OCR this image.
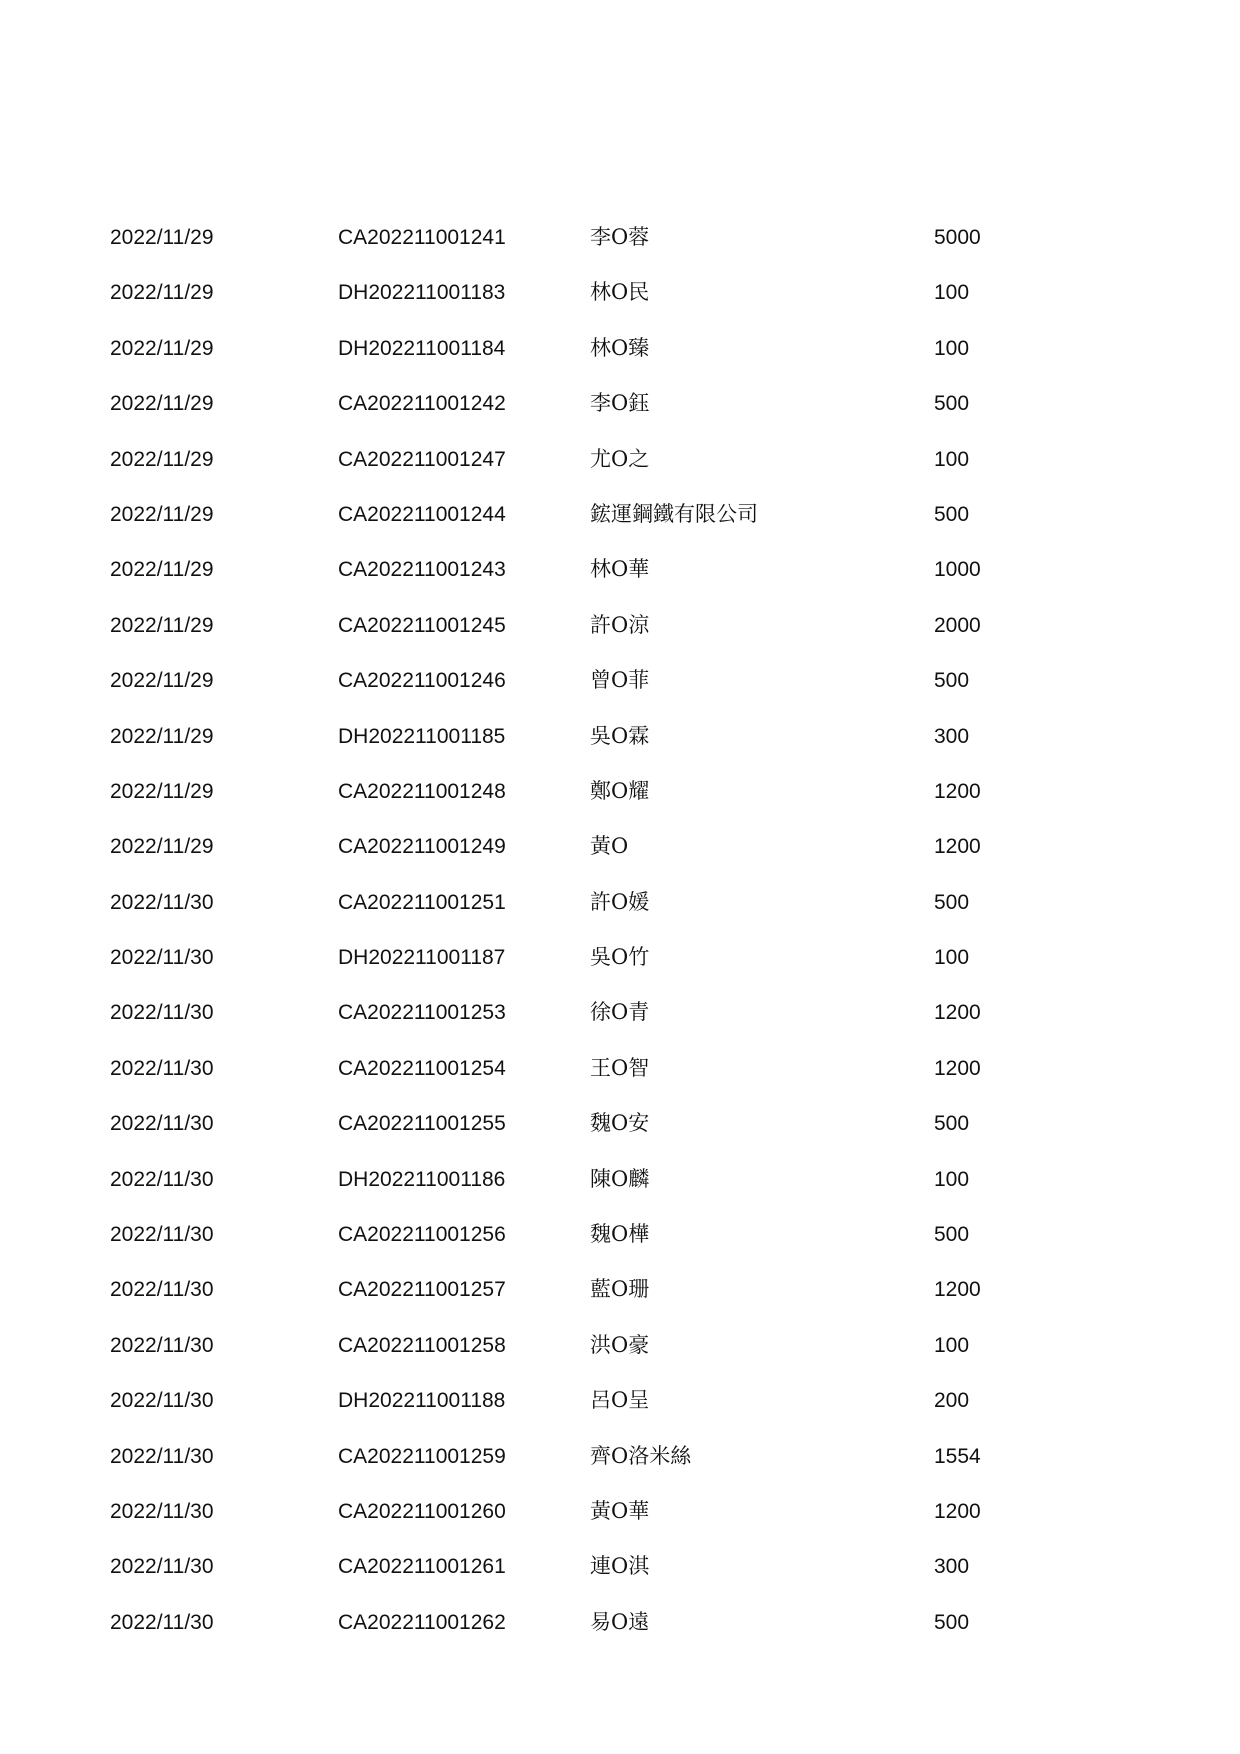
2022/11/29	CA202211001241	李O蓉	5000
2022/11/29	DH202211001183	林O民	100
2022/11/29	DH202211001184	林O臻	100
2022/11/29	CA202211001242	李O鈺	500
2022/11/29	CA202211001247	尤O之	100
2022/11/29	CA202211001244	鋐運鋼鐵有限公司	500
2022/11/29	CA202211001243	林O華	1000
2022/11/29	CA202211001245	許O涼	2000
2022/11/29	CA202211001246	曾O菲	500
2022/11/29	DH202211001185	吳O霖	300
2022/11/29	CA202211001248	鄭O耀	1200
2022/11/29	CA202211001249	黃O	1200
2022/11/30	CA202211001251	許O媛	500
2022/11/30	DH202211001187	吳O竹	100
2022/11/30	CA202211001253	徐O青	1200
2022/11/30	CA202211001254	王O智	1200
2022/11/30	CA202211001255	魏O安	500
2022/11/30	DH202211001186	陳O麟	100
2022/11/30	CA202211001256	魏O樺	500
2022/11/30	CA202211001257	藍O珊	1200
2022/11/30	CA202211001258	洪O豪	100
2022/11/30	DH202211001188	呂O呈	200
2022/11/30	CA202211001259	齊O洛米絲	1554
2022/11/30	CA202211001260	黃O華	1200
2022/11/30	CA202211001261	連O淇	300
2022/11/30	CA202211001262	易O遠	500
